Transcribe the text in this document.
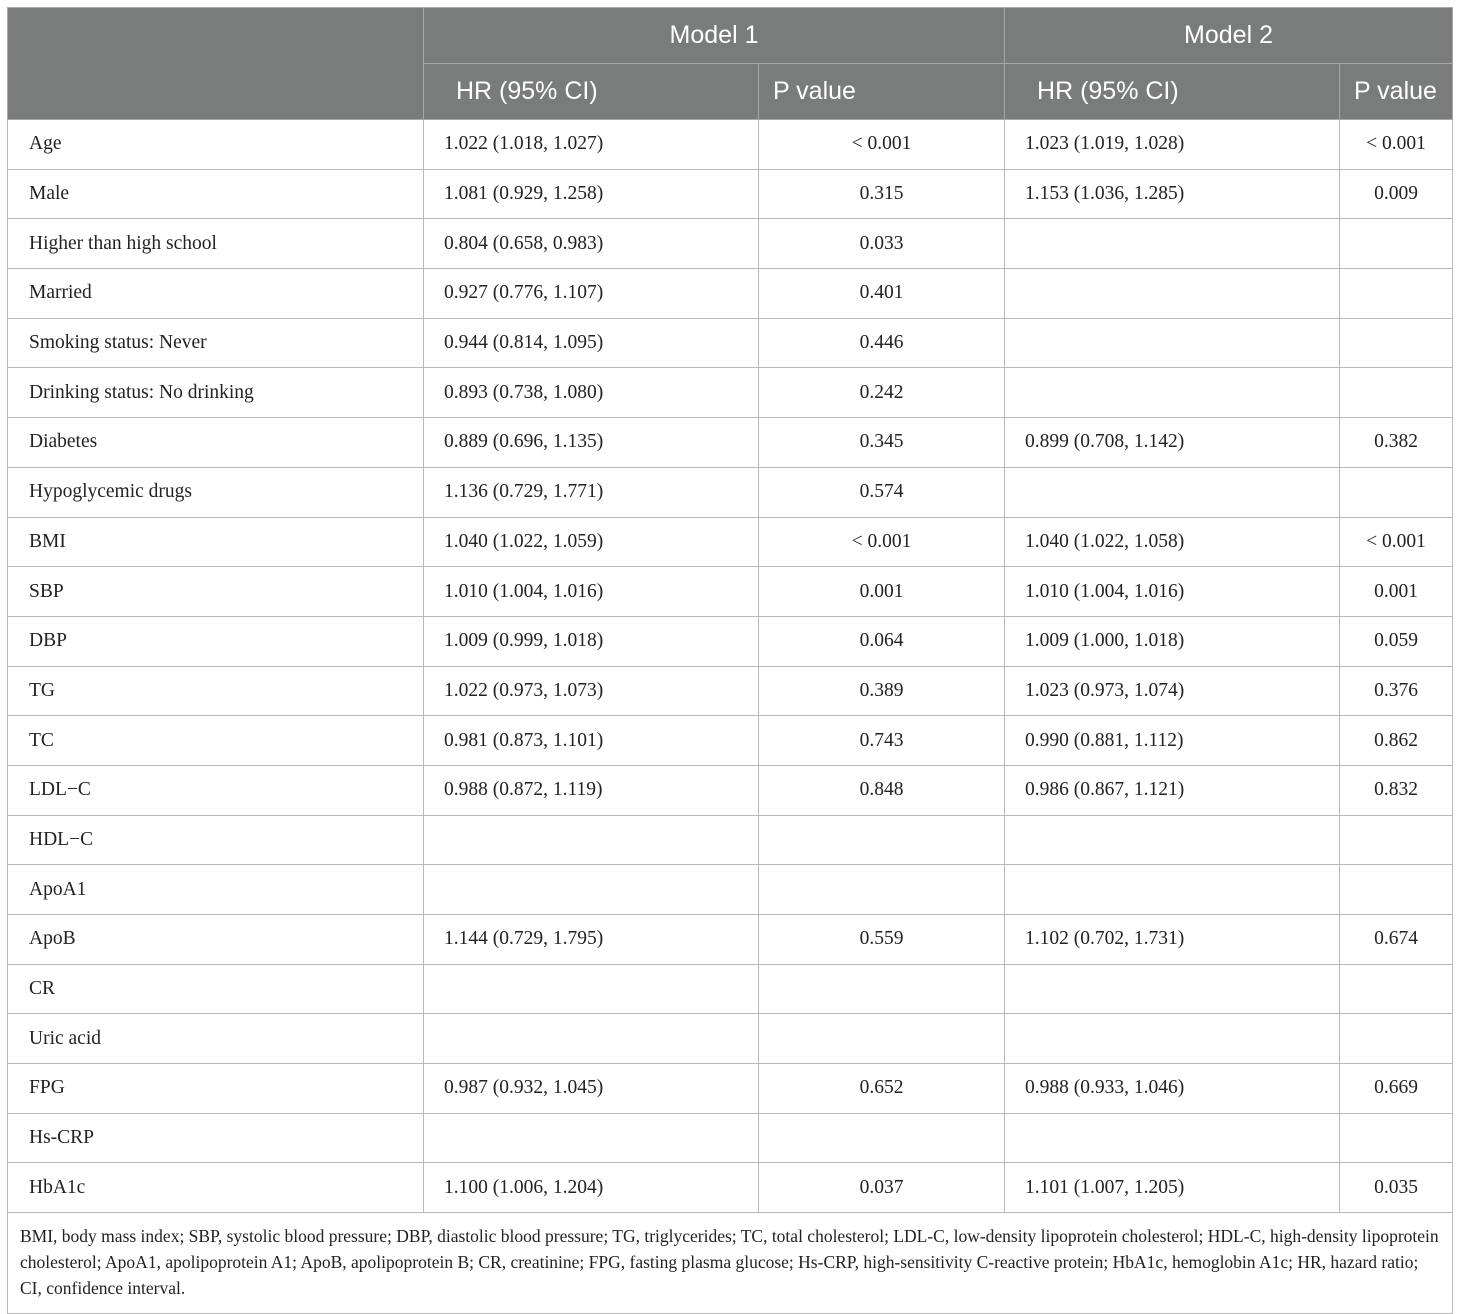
	Model 1		Model 2	
	HR (95% CI)	P value	HR (95% CI)	P value
Age	1.022 (1.018, 1.027)	< 0.001	1.023 (1.019, 1.028)	< 0.001
Male	1.081 (0.929, 1.258)	0.315	1.153 (1.036, 1.285)	0.009
Higher than high school	0.804 (0.658, 0.983)	0.033		
Married	0.927 (0.776, 1.107)	0.401		
Smoking status: Never	0.944 (0.814, 1.095)	0.446		
Drinking status: No drinking	0.893 (0.738, 1.080)	0.242		
Diabetes	0.889 (0.696, 1.135)	0.345	0.899 (0.708, 1.142)	0.382
Hypoglycemic drugs	1.136 (0.729, 1.771)	0.574		
BMI	1.040 (1.022, 1.059)	< 0.001	1.040 (1.022, 1.058)	< 0.001
SBP	1.010 (1.004, 1.016)	0.001	1.010 (1.004, 1.016)	0.001
DBP	1.009 (0.999, 1.018)	0.064	1.009 (1.000, 1.018)	0.059
TG	1.022 (0.973, 1.073)	0.389	1.023 (0.973, 1.074)	0.376
TC	0.981 (0.873, 1.101)	0.743	0.990 (0.881, 1.112)	0.862
LDL−C	0.988 (0.872, 1.119)	0.848	0.986 (0.867, 1.121)	0.832
HDL−C				
ApoA1				
ApoB	1.144 (0.729, 1.795)	0.559	1.102 (0.702, 1.731)	0.674
CR				
Uric acid				
FPG	0.987 (0.932, 1.045)	0.652	0.988 (0.933, 1.046)	0.669
Hs-CRP				
HbA1c	1.100 (1.006, 1.204)	0.037	1.101 (1.007, 1.205)	0.035
BMI, body mass index; SBP, systolic blood pressure; DBP, diastolic blood pressure; TG, triglycerides; TC, total cholesterol; LDL-C, low-density lipoprotein cholesterol; HDL-C, high-density lipoprotein cholesterol; ApoA1, apolipoprotein A1; ApoB, apolipoprotein B; CR, creatinine; FPG, fasting plasma glucose; Hs-CRP, high-sensitivity C-reactive protein; HbA1c, hemoglobin A1c; HR, hazard ratio; CI, confidence interval.				
